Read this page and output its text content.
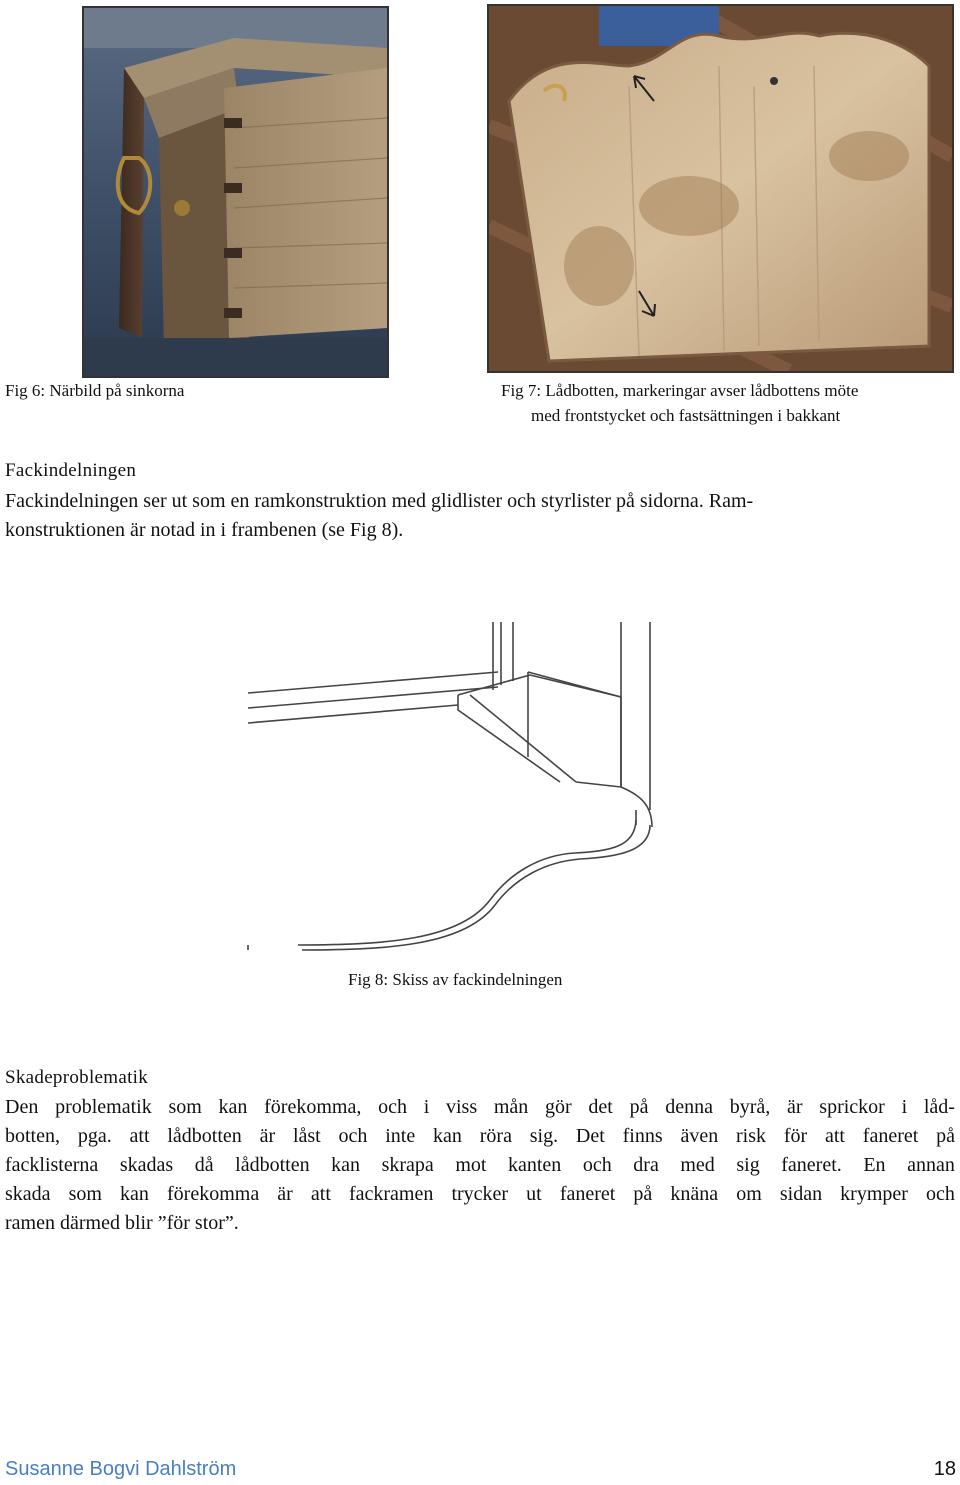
Fig 6: Närbild på sinkorna	Fig 7: Lådbotten, markeringar avser lådbottens möte
med frontstycket och fastsättningen i bakkant
Fackindelningen
Fackindelningen ser ut som en ramkonstruktion med glidlister och styrlister på sidorna. Ram-
konstruktionen är notad in i frambenen (se Fig 8).
Fig 8: Skiss av fackindelningen
Skadeproblematik
Den problematik som kan förekomma, och i viss mån gör det på denna byrå, är sprickor i låd-
botten, pga. att lådbotten är låst och inte kan röra sig. Det finns även risk för att faneret på
facklisterna skadas då lådbotten kan skrapa mot kanten och dra med sig faneret. En annan
skada som kan förekomma är att fackramen trycker ut faneret på knäna om sidan krymper och
ramen därmed blir ”för stor”.
Susanne Bogvi Dahlström	18
